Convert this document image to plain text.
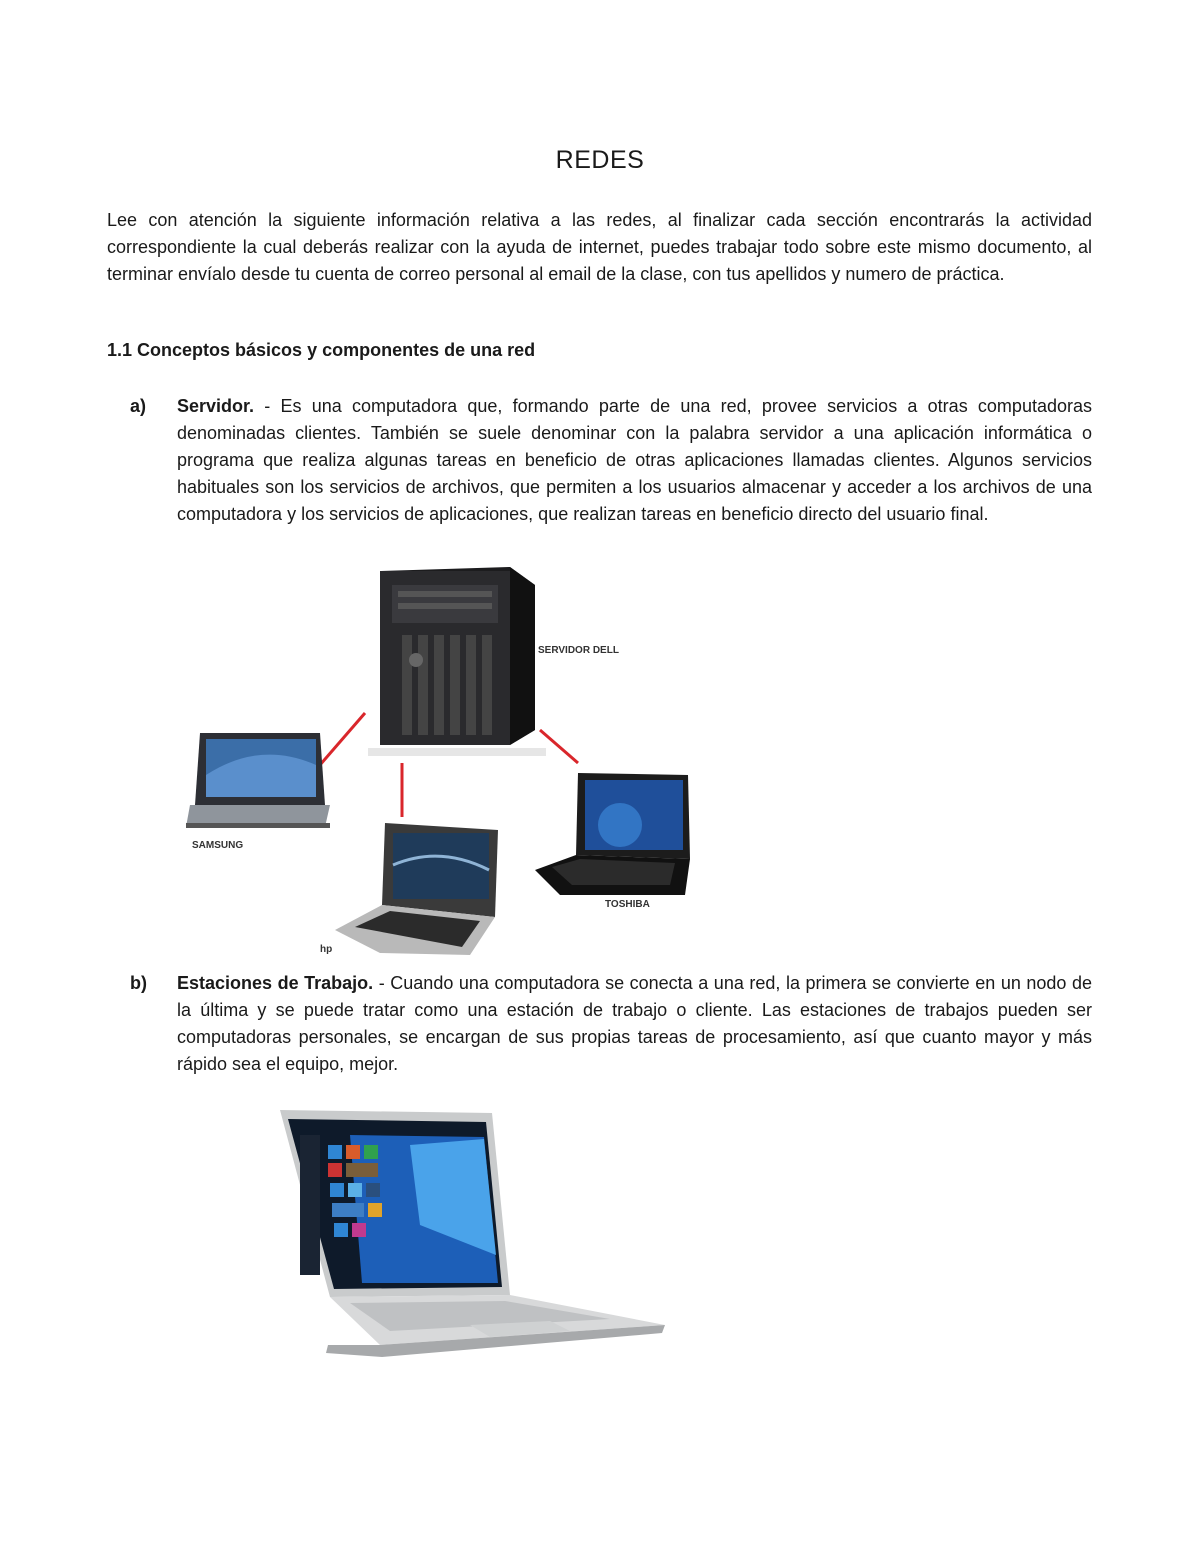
REDES

Lee con atención la siguiente información relativa a las redes, al finalizar cada sección encontrarás la actividad correspondiente la cual deberás realizar con la ayuda de internet, puedes trabajar todo sobre este mismo documento, al terminar envíalo desde tu cuenta de correo personal al email de la clase, con tus apellidos y numero de práctica.

1.1 Conceptos básicos y componentes de una red

a) Servidor. - Es una computadora que, formando parte de una red, provee servicios a otras computadoras denominadas clientes. También se suele denominar con la palabra servidor a una aplicación informática o programa que realiza algunas tareas en beneficio de otras aplicaciones llamadas clientes. Algunos servicios habituales son los servicios de archivos, que permiten a los usuarios almacenar y acceder a los archivos de una computadora y los servicios de aplicaciones, que realizan tareas en beneficio directo del usuario final.

SERVIDOR DELL
SAMSUNG
hp
TOSHIBA
b) Estaciones de Trabajo. - Cuando una computadora se conecta a una red, la primera se convierte en un nodo de la última y se puede tratar como una estación de trabajo o cliente. Las estaciones de trabajos pueden ser computadoras personales, se encargan de sus propias tareas de procesamiento, así que cuanto mayor y más rápido sea el equipo, mejor.
